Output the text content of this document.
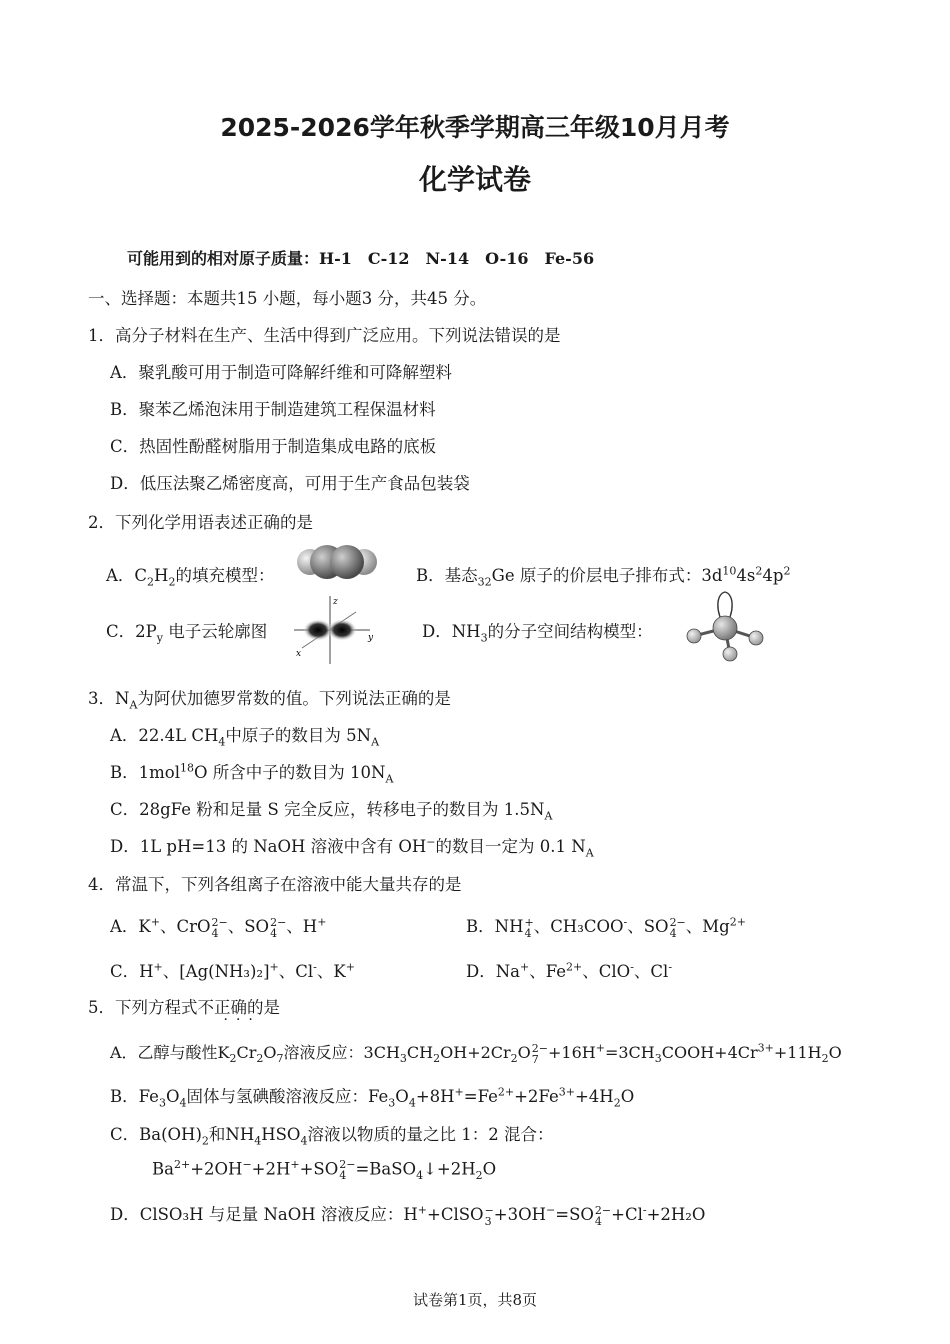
2025-2026学年秋季学期高三年级10月月考
化学试卷
可能用到的相对原子质量：H-1 C-12 N-14 O-16 Fe-56
一、选择题：本题共15 小题，每小题3 分，共45 分。
1．高分子材料在生产、生活中得到广泛应用。下列说法错误的是
A．聚乳酸可用于制造可降解纤维和可降解塑料
B．聚苯乙烯泡沫用于制造建筑工程保温材料
C．热固性酚醛树脂用于制造集成电路的底板
D．低压法聚乙烯密度高，可用于生产食品包装袋
2．下列化学用语表述正确的是
A．$C_2H_2$的填充模型：	B．基态$_{32}$Ge 原子的价层电子排布式：$3d^{10}4s^24p^2$
C．$2P_y$ 电子云轮廓图
z
y
x
D．$NH_3$的分子空间结构模型：
3．$N_A$为阿伏加德罗常数的值。下列说法正确的是
A．22.4L $CH_4$中原子的数目为 $5N_A$
B．1mol$^{18}$O 所含中子的数目为 $10N_A$
C．28gFe 粉和足量 S 完全反应，转移电子的数目为 $1.5N_A$
D．1L pH=13 的 NaOH 溶液中含有 OH−的数目一定为 0.1 $N_A$
4．常温下，下列各组离子在溶液中能大量共存的是
A．K+、CrO 2−
4 、SO 2−
4 、H+	B．NH +
4 、CH₃COO-、SO 2−
4 、$Mg^{2+}$
C．H+、[Ag(NH₃)₂]+、Cl-、K+	D．Na+、$Fe^{2+}$、ClO-、Cl-
5．下列方程式不正确 ···的是
A．乙醇与酸性$K_2Cr_2O_7$溶液反应：$3CH_3CH_2OH+2Cr_2O$ 2−
$7 +16H^+=3CH_3COOH+4Cr^{3+}+11H_2O$
B．$Fe_3O_4$固体与氢碘酸溶液反应：$Fe_3O_4+8H^+=Fe^{2+}+2Fe^{3+}+4H_2O$
C．$Ba(OH)_2$和$NH_4HSO_4$溶液以物质的量之比 1：2 混合：
$Ba^{2+}+2OH^-+2H^++SO$ 2−
$4 =BaSO_4↓+2H_2O$
D．ClSO₃H 与足量 NaOH 溶液反应：H++ClSO −
3 +3OH−=SO 2−
4 +Cl-+2H₂O
试卷第1页，共8页
